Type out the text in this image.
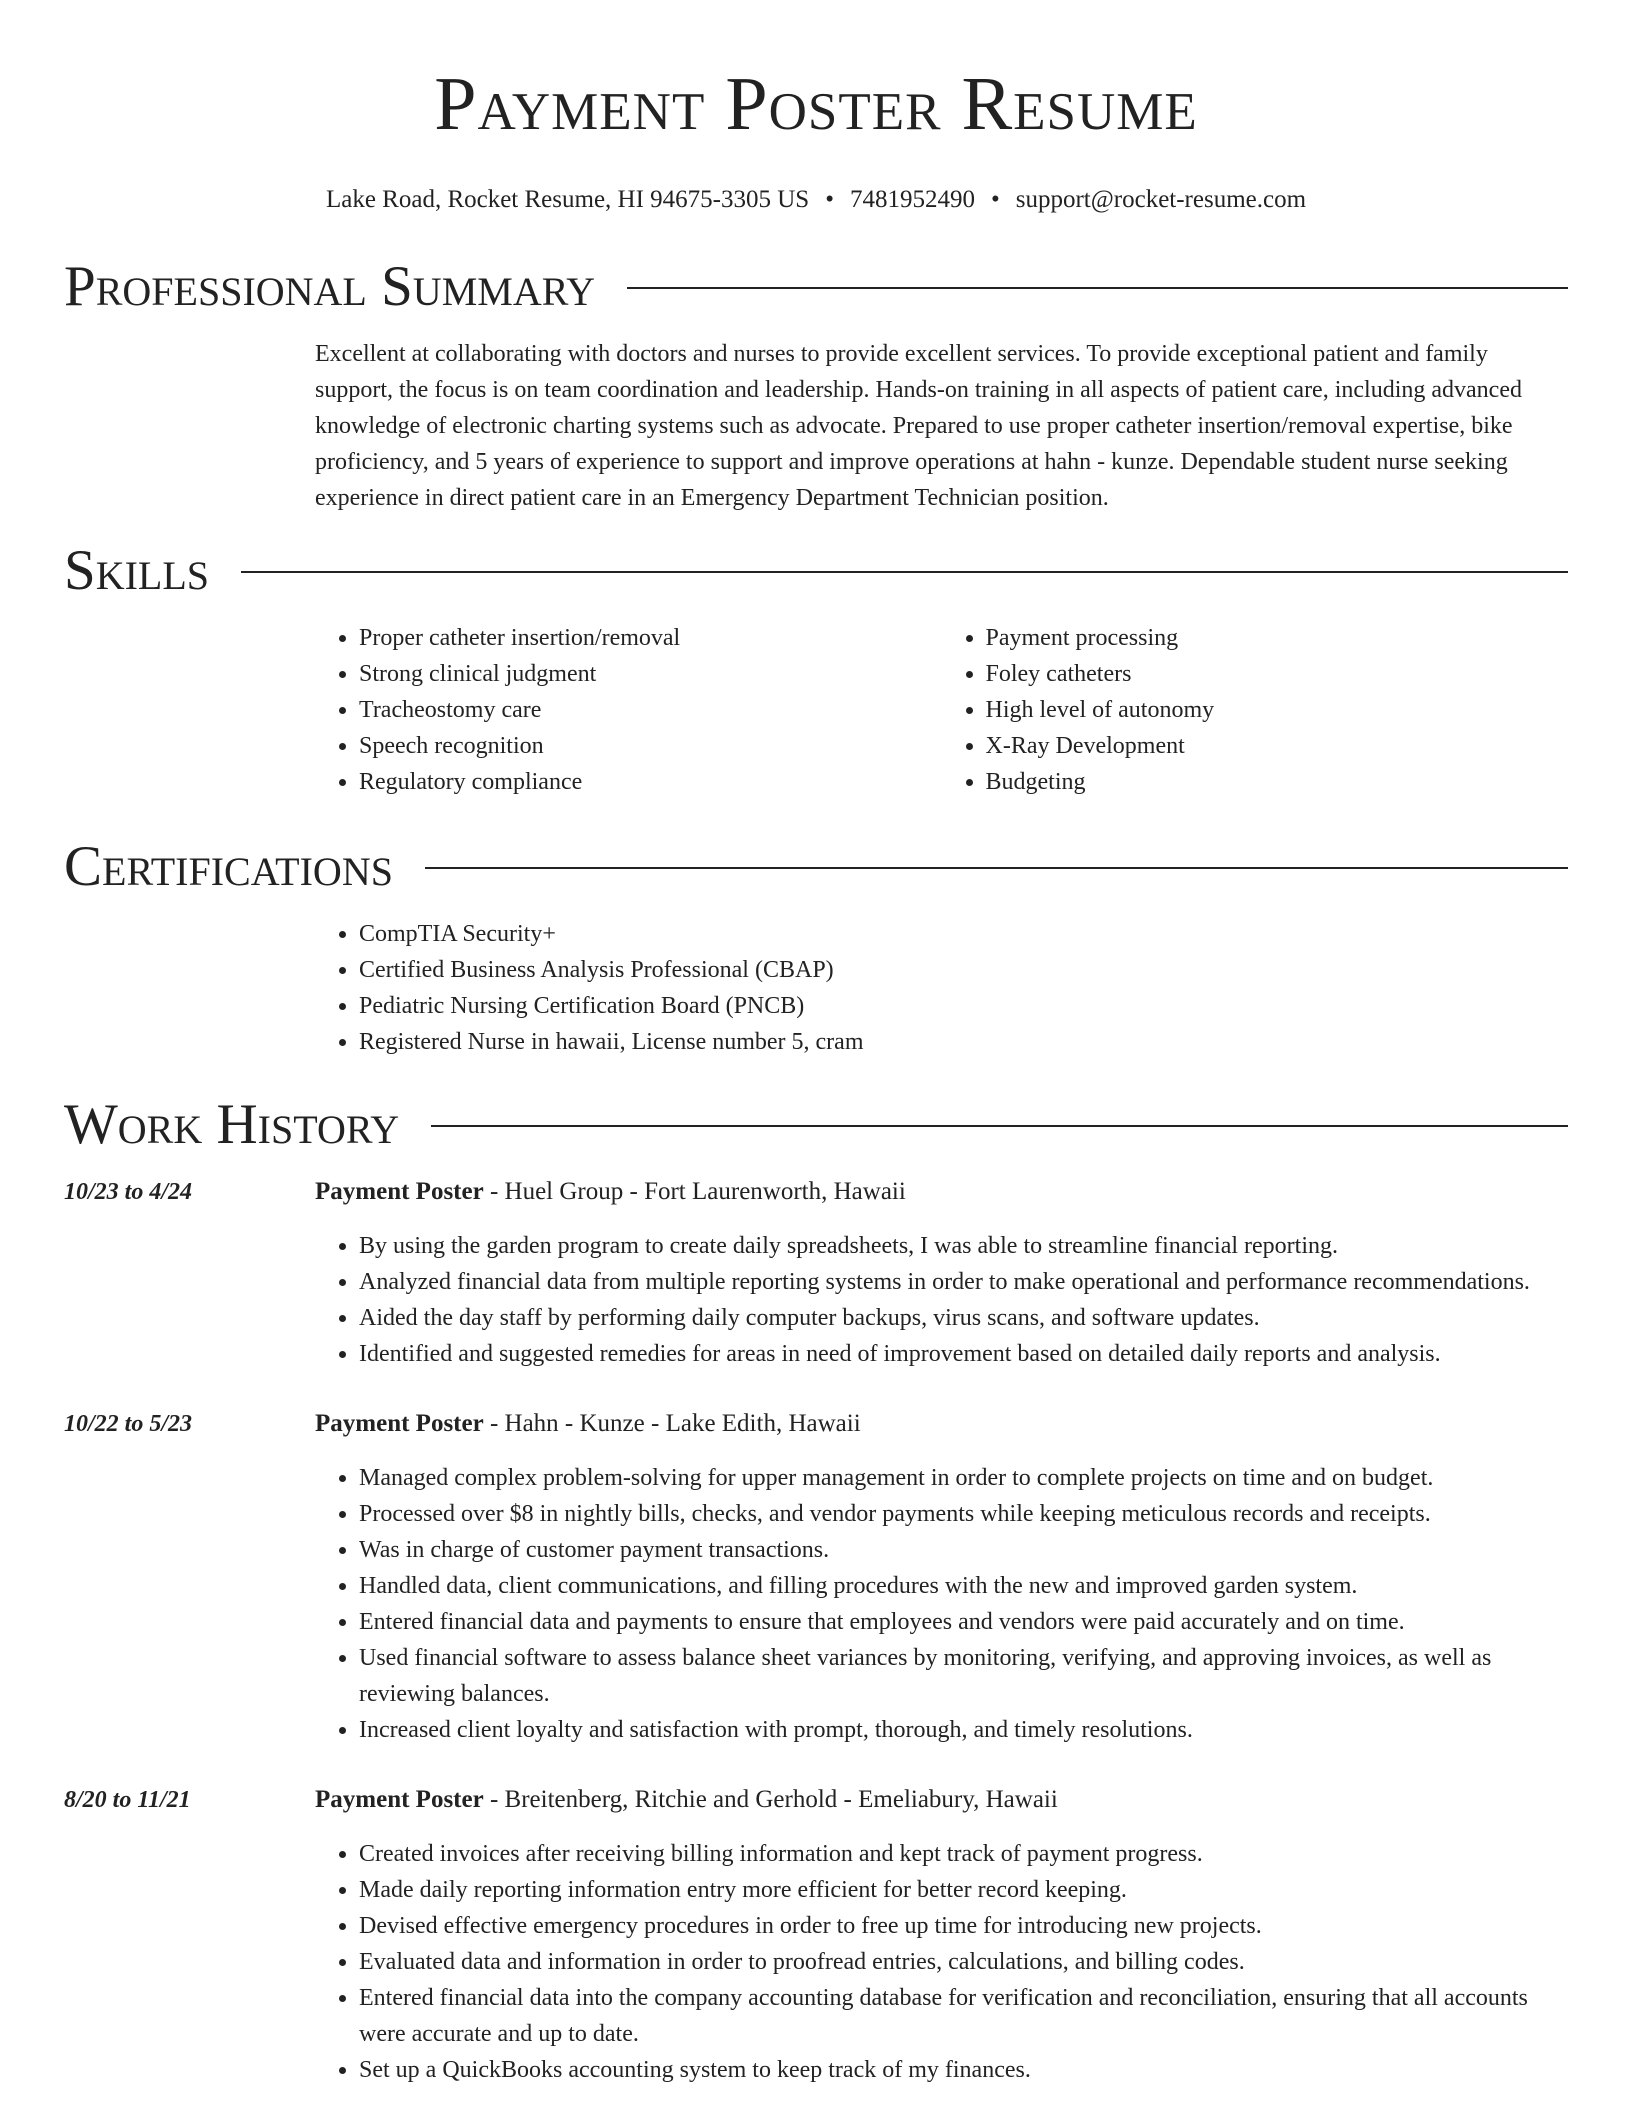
Payment Poster Resume
Lake Road, Rocket Resume, HI 94675-3305 US • 7481952490 • support@rocket-resume.com
Professional Summary

Excellent at collaborating with doctors and nurses to provide excellent services. To provide exceptional patient and family support, the focus is on team coordination and leadership. Hands-on training in all aspects of patient care, including advanced knowledge of electronic charting systems such as advocate. Prepared to use proper catheter insertion/removal expertise, bike proficiency, and 5 years of experience to support and improve operations at hahn - kunze. Dependable student nurse seeking experience in direct patient care in an Emergency Department Technician position.

Skills
• Proper catheter insertion/removal
• Strong clinical judgment
• Tracheostomy care
• Speech recognition
• Regulatory compliance
• Payment processing
• Foley catheters
• High level of autonomy
• X-Ray Development
• Budgeting
Certifications
• CompTIA Security+
• Certified Business Analysis Professional (CBAP)
• Pediatric Nursing Certification Board (PNCB)
• Registered Nurse in hawaii, License number 5, cram
Work History
10/23 to 4/24	Payment Poster - Huel Group - Fort Laurenworth, Hawaii
• By using the garden program to create daily spreadsheets, I was able to streamline financial reporting.
• Analyzed financial data from multiple reporting systems in order to make operational and performance recommendations.
• Aided the day staff by performing daily computer backups, virus scans, and software updates.
• Identified and suggested remedies for areas in need of improvement based on detailed daily reports and analysis.
10/22 to 5/23	Payment Poster - Hahn - Kunze - Lake Edith, Hawaii
• Managed complex problem-solving for upper management in order to complete projects on time and on budget.
• Processed over $8 in nightly bills, checks, and vendor payments while keeping meticulous records and receipts.
• Was in charge of customer payment transactions.
• Handled data, client communications, and filling procedures with the new and improved garden system.
• Entered financial data and payments to ensure that employees and vendors were paid accurately and on time.
• Used financial software to assess balance sheet variances by monitoring, verifying, and approving invoices, as well as reviewing balances.
• Increased client loyalty and satisfaction with prompt, thorough, and timely resolutions.
8/20 to 11/21	Payment Poster - Breitenberg, Ritchie and Gerhold - Emeliabury, Hawaii
• Created invoices after receiving billing information and kept track of payment progress.
• Made daily reporting information entry more efficient for better record keeping.
• Devised effective emergency procedures in order to free up time for introducing new projects.
• Evaluated data and information in order to proofread entries, calculations, and billing codes.
• Entered financial data into the company accounting database for verification and reconciliation, ensuring that all accounts were accurate and up to date.
• Set up a QuickBooks accounting system to keep track of my finances.
